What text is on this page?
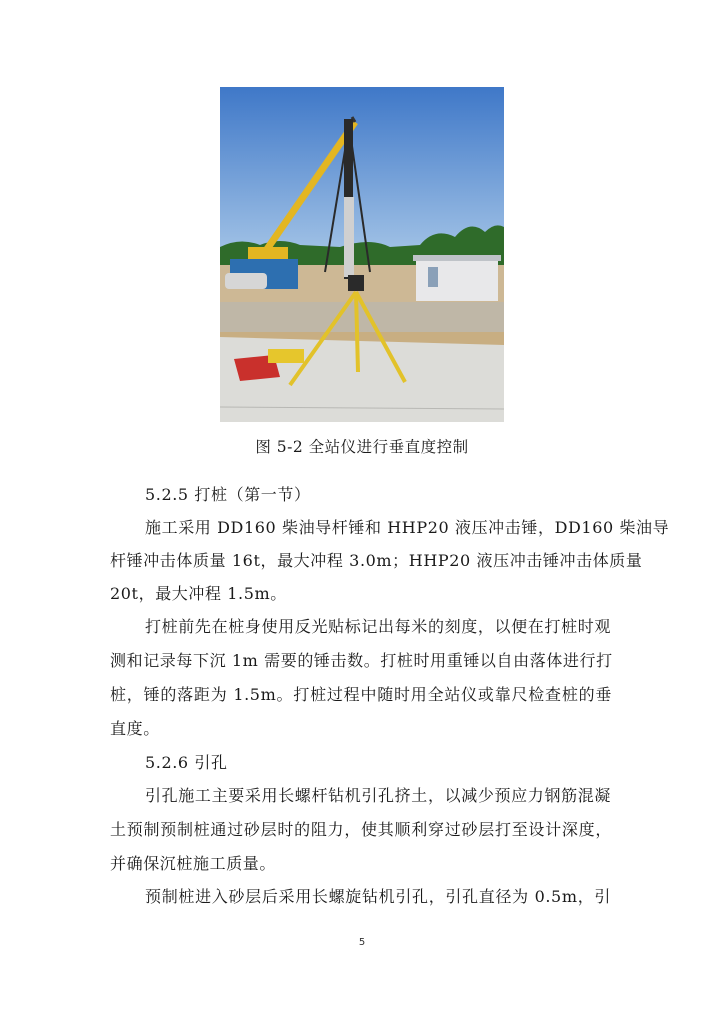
图 5-2 全站仪进行垂直度控制
5.2.5 打桩（第一节）
施工采用 DD160 柴油导杆锤和 HHP20 液压冲击锤，DD160 柴油导
杆锤冲击体质量 16t，最大冲程 3.0m；HHP20 液压冲击锤冲击体质量
20t，最大冲程 1.5m。
打桩前先在桩身使用反光贴标记出每米的刻度，以便在打桩时观
测和记录每下沉 1m 需要的锤击数。打桩时用重锤以自由落体进行打
桩，锤的落距为 1.5m。打桩过程中随时用全站仪或靠尺检查桩的垂
直度。
5.2.6 引孔
引孔施工主要采用长螺杆钻机引孔挤土，以减少预应力钢筋混凝
土预制预制桩通过砂层时的阻力，使其顺利穿过砂层打至设计深度，
并确保沉桩施工质量。
预制桩进入砂层后采用长螺旋钻机引孔，引孔直径为 0.5m，引
5
